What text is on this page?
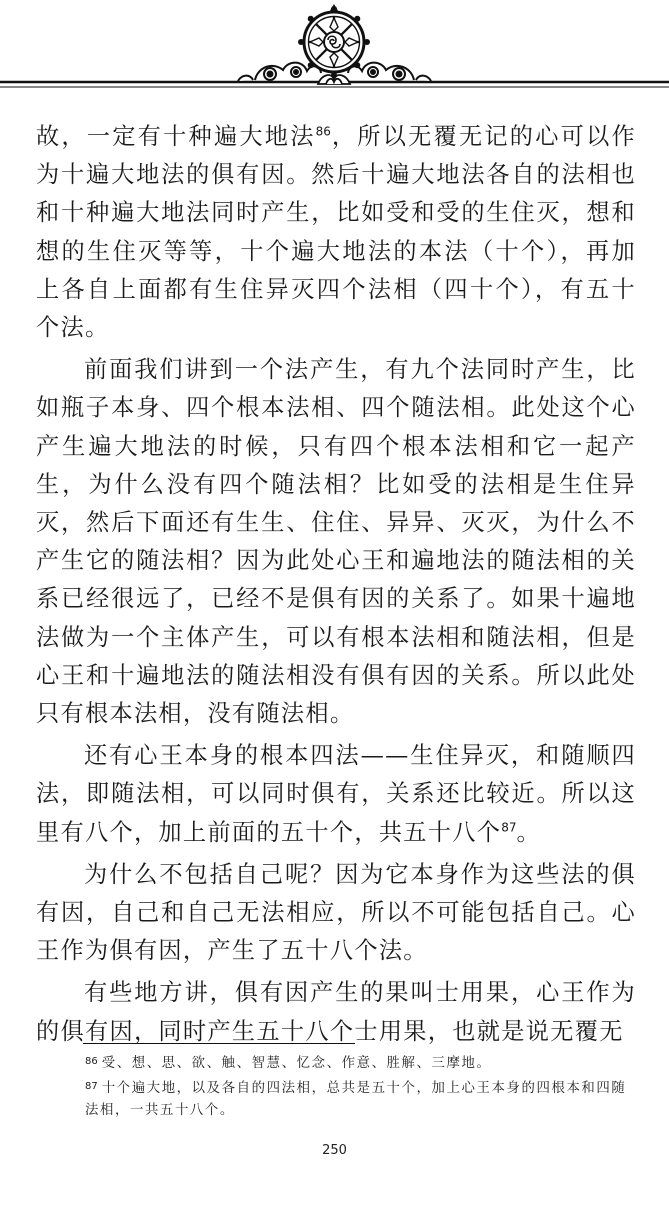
故，一定有十种遍大地法$^{86}$，所以无覆无记的心可以作为十遍大地法的俱有因。然后十遍大地法各自的法相也和十种遍大地法同时产生，比如受和受的生住灭，想和想的生住灭等等，十个遍大地法的本法（十个），再加上各自上面都有生住异灭四个法相（四十个），有五十个法。

前面我们讲到一个法产生，有九个法同时产生，比如瓶子本身、四个根本法相、四个随法相。此处这个心产生遍大地法的时候，只有四个根本法相和它一起产生，为什么没有四个随法相？比如受的法相是生住异灭，然后下面还有生生、住住、异异、灭灭，为什么不产生它的随法相？因为此处心王和遍地法的随法相的关系已经很远了，已经不是俱有因的关系了。如果十遍地法做为一个主体产生，可以有根本法相和随法相，但是心王和十遍地法的随法相没有俱有因的关系。所以此处只有根本法相，没有随法相。

还有心王本身的根本四法——生住异灭，和随顺四法，即随法相，可以同时俱有，关系还比较近。所以这里有八个，加上前面的五十个，共五十八个$^{87}$。

为什么不包括自己呢？因为它本身作为这些法的俱有因，自己和自己无法相应，所以不可能包括自己。心王作为俱有因，产生了五十八个法。

有些地方讲，俱有因产生的果叫士用果，心王作为的俱有因，同时产生五十八个士用果，也就是说无覆无

$^{86}$ 受、想、思、欲、触、智慧、忆念、作意、胜解、三摩地。

$^{87}$ 十个遍大地，以及各自的四法相，总共是五十个，加上心王本身的四根本和四随法相，一共五十八个。

250
